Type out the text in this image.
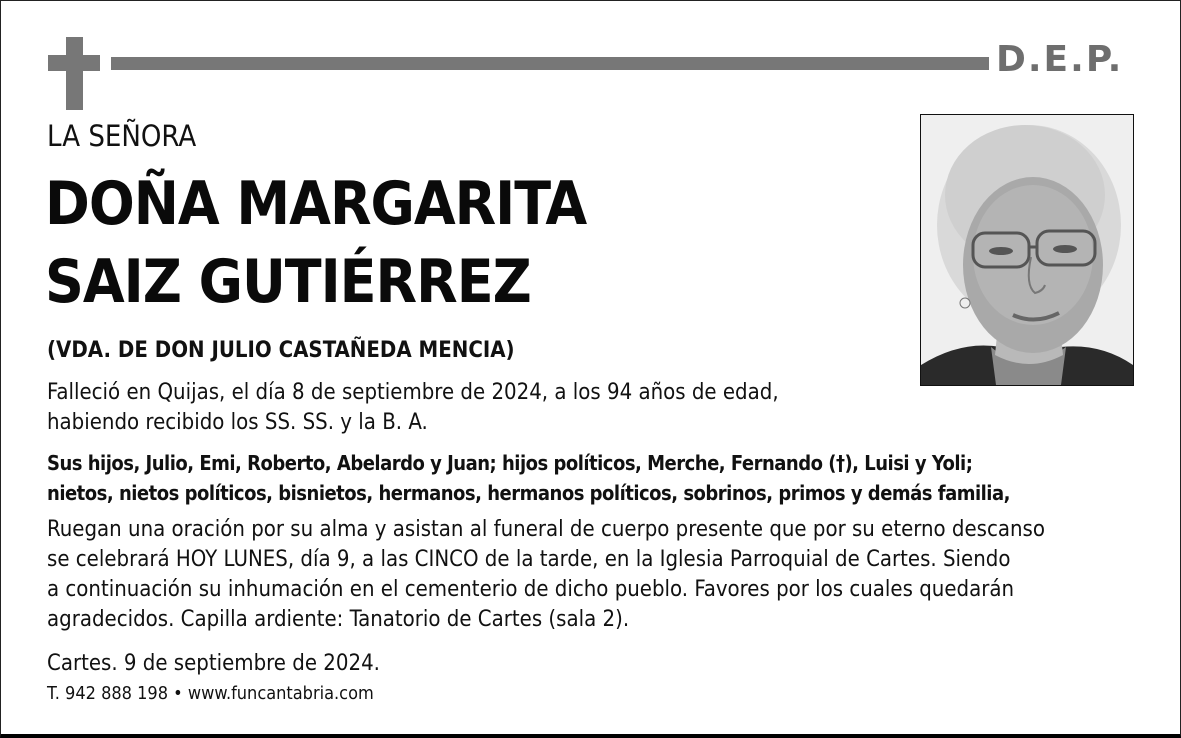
D.E.P.
LA SEÑORA
DOÑA MARGARITA
SAIZ GUTIÉRREZ
(VDA. DE DON JULIO CASTAÑEDA MENCIA)
Falleció en Quijas, el día 8 de septiembre de 2024, a los 94 años de edad,
habiendo recibido los SS. SS. y la B. A.
Sus hijos, Julio, Emi, Roberto, Abelardo y Juan; hijos políticos, Merche, Fernando (†), Luisi y Yoli;
nietos, nietos políticos, bisnietos, hermanos, hermanos políticos, sobrinos, primos y demás familia,
Ruegan una oración por su alma y asistan al funeral de cuerpo presente que por su eterno descanso
se celebrará HOY LUNES, día 9, a las CINCO de la tarde, en la Iglesia Parroquial de Cartes. Siendo
a continuación su inhumación en el cementerio de dicho pueblo. Favores por los cuales quedarán
agradecidos. Capilla ardiente: Tanatorio de Cartes (sala 2).
Cartes. 9 de septiembre de 2024.
T. 942 888 198 • www.funcantabria.com
